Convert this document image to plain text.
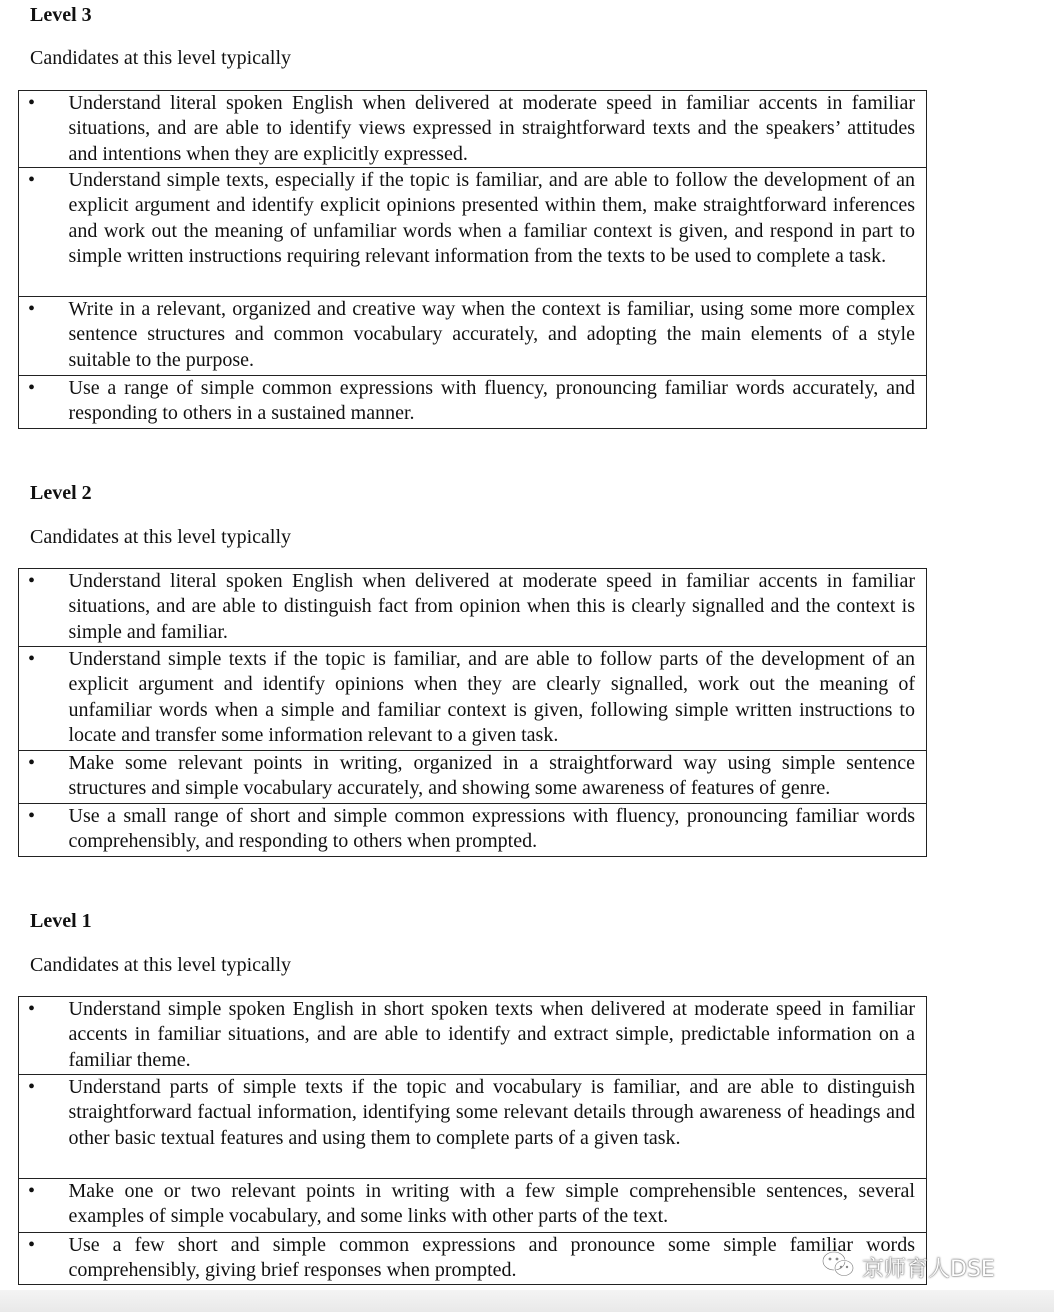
Level 3

Candidates at this level typically

•	Understand literal spoken English when delivered at moderate speed in familiar accents in familiar situations, and are able to identify views expressed in straightforward texts and the speakers’ attitudes and intentions when they are explicitly expressed.
•	Understand simple texts, especially if the topic is familiar, and are able to follow the development of an explicit argument and identify explicit opinions presented within them, make straightforward inferences and work out the meaning of unfamiliar words when a familiar context is given, and respond in part to simple written instructions requiring relevant information from the texts to be used to complete a task.
•	Write in a relevant, organized and creative way when the context is familiar, using some more complex sentence structures and common vocabulary accurately, and adopting the main elements of a style suitable to the purpose.
•	Use a range of simple common expressions with fluency, pronouncing familiar words accurately, and responding to others in a sustained manner.
Level 2

Candidates at this level typically

•	Understand literal spoken English when delivered at moderate speed in familiar accents in familiar situations, and are able to distinguish fact from opinion when this is clearly signalled and the context is simple and familiar.
•	Understand simple texts if the topic is familiar, and are able to follow parts of the development of an explicit argument and identify opinions when they are clearly signalled, work out the meaning of unfamiliar words when a simple and familiar context is given, following simple written instructions to locate and transfer some information relevant to a given task.
•	Make some relevant points in writing, organized in a straightforward way using simple sentence structures and simple vocabulary accurately, and showing some awareness of features of genre.
•	Use a small range of short and simple common expressions with fluency, pronouncing familiar words comprehensibly, and responding to others when prompted.
Level 1

Candidates at this level typically

•	Understand simple spoken English in short spoken texts when delivered at moderate speed in familiar accents in familiar situations, and are able to identify and extract simple, predictable information on a familiar theme.
•	Understand parts of simple texts if the topic and vocabulary is familiar, and are able to distinguish straightforward factual information, identifying some relevant details through awareness of headings and other basic textual features and using them to complete parts of a given task.
•	Make one or two relevant points in writing with a few simple comprehensible sentences, several examples of simple vocabulary, and some links with other parts of the text.
•	Use a few short and simple common expressions and pronounce some simple familiar words comprehensibly, giving brief responses when prompted.	京师育人DSE
